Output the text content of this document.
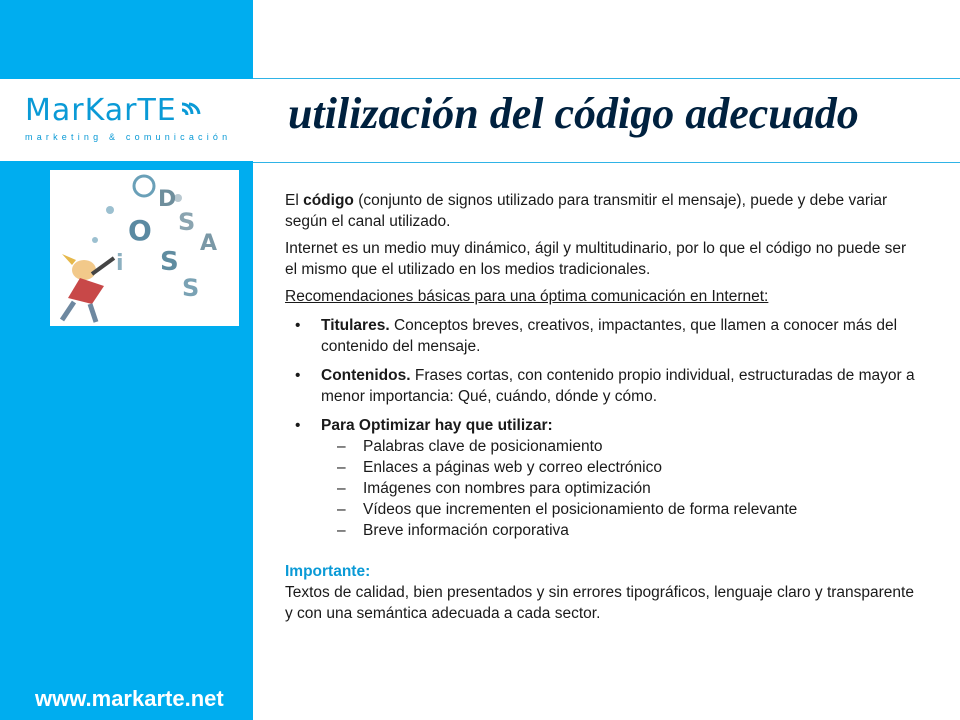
MarKarTE
marketing & comunicación utilización del código adecuado
D
O S
A
S
i
S

El código (conjunto de signos utilizado para transmitir el mensaje), puede y debe variar según el canal utilizado.

Internet es un medio muy dinámico, ágil y multitudinario, por lo que el código no puede ser el mismo que el utilizado en los medios tradicionales.

Recomendaciones básicas para una óptima comunicación en Internet:

• Titulares. Conceptos breves, creativos, impactantes, que llamen a conocer más del contenido del mensaje.
• Contenidos. Frases cortas, con contenido propio individual, estructuradas de mayor a menor importancia: Qué, cuándo, dónde y cómo.
• Para Optimizar hay que utilizar:
– Palabras clave de posicionamiento
– Enlaces a páginas web y correo electrónico
– Imágenes con nombres para optimización
– Vídeos que incrementen el posicionamiento de forma relevante
– Breve información corporativa
Importante:
Textos de calidad, bien presentados y sin errores tipográficos, lenguaje claro y transparente y con una semántica adecuada a cada sector.
www.markarte.net
